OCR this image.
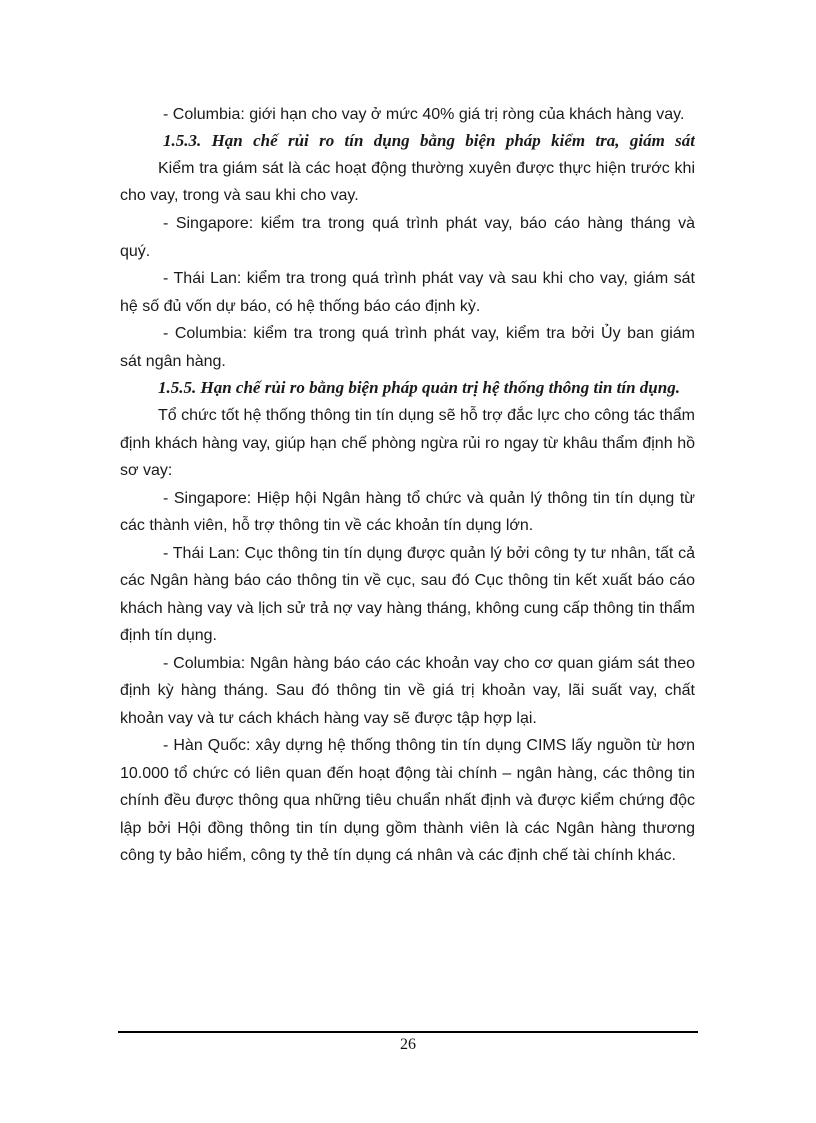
- Columbia: giới hạn cho vay ở mức 40% giá trị ròng của khách hàng vay.
1.5.3. Hạn chế rủi ro tín dụng bằng biện pháp kiểm tra, giám sát
Kiểm tra giám sát là các hoạt động thường xuyên được thực hiện trước khi
cho vay, trong và sau khi cho vay.
- Singapore: kiểm tra trong quá trình phát vay, báo cáo hàng tháng và
quý.
- Thái Lan: kiểm tra trong quá trình phát vay và sau khi cho vay, giám sát
hệ số đủ vốn dự báo, có hệ thống báo cáo định kỳ.
- Columbia: kiểm tra trong quá trình phát vay, kiểm tra bởi Ủy ban giám
sát ngân hàng.
1.5.5. Hạn chế rủi ro bằng biện pháp quản trị hệ thống thông tin tín dụng.
Tổ chức tốt hệ thống thông tin tín dụng sẽ hỗ trợ đắc lực cho công tác thẩm
định khách hàng vay, giúp hạn chế phòng ngừa rủi ro ngay từ khâu thẩm định hồ
sơ vay:
- Singapore: Hiệp hội Ngân hàng tổ chức và quản lý thông tin tín dụng từ
các thành viên, hỗ trợ thông tin về các khoản tín dụng lớn.
- Thái Lan: Cục thông tin tín dụng được quản lý bởi công ty tư nhân, tất cả
các Ngân hàng báo cáo thông tin về cục, sau đó Cục thông tin kết xuất báo cáo
khách hàng vay và lịch sử trả nợ vay hàng tháng, không cung cấp thông tin thẩm
định tín dụng.
- Columbia: Ngân hàng báo cáo các khoản vay cho cơ quan giám sát theo
định kỳ hàng tháng. Sau đó thông tin về giá trị khoản vay, lãi suất vay, chất
khoản vay và tư cách khách hàng vay sẽ được tập hợp lại.
- Hàn Quốc: xây dựng hệ thống thông tin tín dụng CIMS lấy nguồn từ hơn
10.000 tổ chức có liên quan đến hoạt động tài chính – ngân hàng, các thông tin
chính đều được thông qua những tiêu chuẩn nhất định và được kiểm chứng độc
lập bởi Hội đồng thông tin tín dụng gồm thành viên là các Ngân hàng thương
công ty bảo hiểm, công ty thẻ tín dụng cá nhân và các định chế tài chính khác.
26
